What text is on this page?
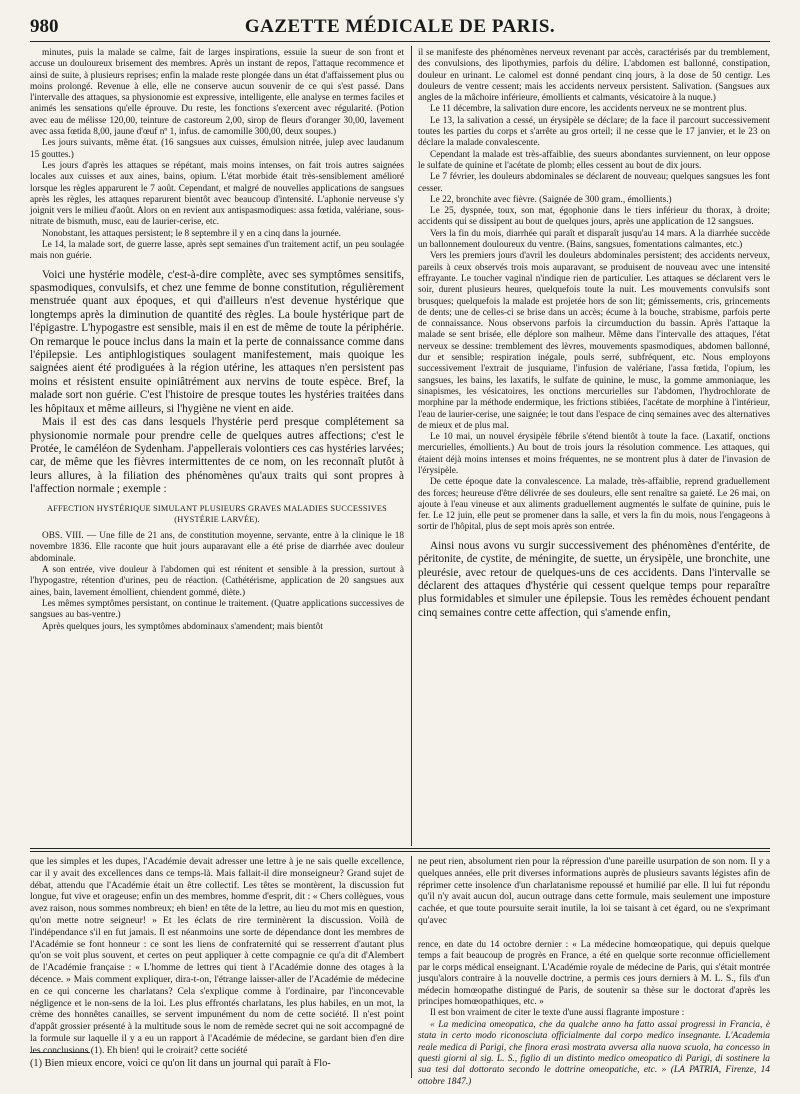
980	GAZETTE MÉDICALE DE PARIS.

minutes, puis la malade se calme, fait de larges inspirations, essuie la sueur de son front et accuse un douloureux brisement des membres. Après un instant de repos, l'attaque recommence et ainsi de suite, à plusieurs reprises; enfin la malade reste plongée dans un état d'affaissement plus ou moins prolongé. Revenue à elle, elle ne conserve aucun souvenir de ce qui s'est passé. Dans l'intervalle des attaques, sa physionomie est expressive, intelligente, elle analyse en termes faciles et animés les sensations qu'elle éprouve. Du reste, les fonctions s'exercent avec régularité. (Potion avec eau de mélisse 120,00, teinture de castoreum 2,00, sirop de fleurs d'oranger 30,00, lavement avec assa fœtida 8,00, jaune d'œuf nº 1, infus. de camomille 300,00, deux soupes.)

Les jours suivants, même état. (16 sangsues aux cuisses, émulsion nitrée, julep avec laudanum 15 gouttes.)

Les jours d'après les attaques se répétant, mais moins intenses, on fait trois autres saignées locales aux cuisses et aux aines, bains, opium. L'état morbide était très-sensiblement amélioré lorsque les règles apparurent le 7 août. Cependant, et malgré de nouvelles applications de sangsues après les règles, les attaques reparurent bientôt avec beaucoup d'intensité. L'aphonie nerveuse s'y joignit vers le milieu d'août. Alors on en revient aux antispasmodiques: assa fœtida, valériane, sous-nitrate de bismuth, musc, eau de laurier-cerise, etc.

Nonobstant, les attaques persistent; le 8 septembre il y en a cinq dans la journée.

Le 14, la malade sort, de guerre lasse, après sept semaines d'un traitement actif, un peu soulagée mais non guérie.

Voici une hystérie modèle, c'est-à-dire complète, avec ses symptômes sensitifs, spasmodiques, convulsifs, et chez une femme de bonne constitution, régulièrement menstruée quant aux époques, et qui d'ailleurs n'est devenue hystérique que longtemps après la diminution de quantité des règles. La boule hystérique part de l'épigastre. L'hypogastre est sensible, mais il en est de même de toute la périphérie. On remarque le pouce inclus dans la main et la perte de connaissance comme dans l'épilepsie. Les antiphlogistiques soulagent manifestement, mais quoique les saignées aient été prodiguées à la région utérine, les attaques n'en persistent pas moins et résistent ensuite opiniâtrément aux nervins de toute espèce. Bref, la malade sort non guérie. C'est l'histoire de presque toutes les hystéries traitées dans les hôpitaux et même ailleurs, si l'hygiène ne vient en aide.

Mais il est des cas dans lesquels l'hystérie perd presque complétement sa physionomie normale pour prendre celle de quelques autres affections; c'est le Protée, le caméléon de Sydenham. J'appellerais volontiers ces cas hystéries larvées; car, de même que les fièvres intermittentes de ce nom, on les reconnaît plutôt à leurs allures, à la filiation des phénomènes qu'aux traits qui sont propres à l'affection normale ; exemple :

AFFECTION HYSTÉRIQUE SIMULANT PLUSIEURS GRAVES MALADIES SUCCESSIVES

(HYSTÉRIE LARVÉE).

OBS. VIII. — Une fille de 21 ans, de constitution moyenne, servante, entre à la clinique le 18 novembre 1836. Elle raconte que huit jours auparavant elle a été prise de diarrhée avec douleur abdominale.

A son entrée, vive douleur à l'abdomen qui est rénitent et sensible à la pression, surtout à l'hypogastre, rétention d'urines, peu de réaction. (Cathétérisme, application de 20 sangsues aux aines, bain, lavement émollient, chiendent gommé, diète.)

Les mêmes symptômes persistant, on continue le traitement. (Quatre applications successives de sangsues au bas-ventre.)

Après quelques jours, les symptômes abdominaux s'amendent; mais bientôt

il se manifeste des phénomènes nerveux revenant par accès, caractérisés par du tremblement, des convulsions, des lipothymies, parfois du délire. L'abdomen est ballonné, constipation, douleur en urinant. Le calomel est donné pendant cinq jours, à la dose de 50 centigr. Les douleurs de ventre cessent; mais les accidents nerveux persistent. Salivation. (Sangsues aux angles de la mâchoire inférieure, émollients et calmants, vésicatoire à la nuque.)

Le 11 décembre, la salivation dure encore, les accidents nerveux ne se montrent plus.

Le 13, la salivation a cessé, un érysipèle se déclare; de la face il parcourt successivement toutes les parties du corps et s'arrête au gros orteil; il ne cesse que le 17 janvier, et le 23 on déclare la malade convalescente.

Cependant la malade est très-affaiblie, des sueurs abondantes surviennent, on leur oppose le sulfate de quinine et l'acétate de plomb; elles cessent au bout de dix jours.

Le 7 février, les douleurs abdominales se déclarent de nouveau; quelques sangsues les font cesser.

Le 22, bronchite avec fièvre. (Saignée de 300 gram., émollients.)

Le 25, dyspnée, toux, son mat, égophonie dans le tiers inférieur du thorax, à droite; accidents qui se dissipent au bout de quelques jours, après une application de 12 sangsues.

Vers la fin du mois, diarrhée qui paraît et disparaît jusqu'au 14 mars. A la diarrhée succède un ballonnement douloureux du ventre. (Bains, sangsues, fomentations calmantes, etc.)

Vers les premiers jours d'avril les douleurs abdominales persistent; des accidents nerveux, pareils à ceux observés trois mois auparavant, se produisent de nouveau avec une intensité effrayante. Le toucher vaginal n'indique rien de particulier. Les attaques se déclarent vers le soir, durent plusieurs heures, quelquefois toute la nuit. Les mouvements convulsifs sont brusques; quelquefois la malade est projetée hors de son lit; gémissements, cris, grincements de dents; une de celles-ci se brise dans un accès; écume à la bouche, strabisme, parfois perte de connaissance. Nous observons parfois la circumduction du bassin. Après l'attaque la malade se sent brisée, elle déplore son malheur. Même dans l'intervalle des attaques, l'état nerveux se dessine: tremblement des lèvres, mouvements spasmodiques, abdomen ballonné, dur et sensible; respiration inégale, pouls serré, subfréquent, etc. Nous employons successivement l'extrait de jusquiame, l'infusion de valériane, l'assa fœtida, l'opium, les sangsues, les bains, les laxatifs, le sulfate de quinine, le musc, la gomme ammoniaque, les sinapismes, les vésicatoires, les onctions mercurielles sur l'abdomen, l'hydrochlorate de morphine par la méthode endermique, les frictions stibiées, l'acétate de morphine à l'intérieur, l'eau de laurier-cerise, une saignée; le tout dans l'espace de cinq semaines avec des alternatives de mieux et de plus mal.

Le 10 mai, un nouvel érysipèle fébrile s'étend bientôt à toute la face. (Laxatif, onctions mercurielles, émollients.) Au bout de trois jours la résolution commence. Les attaques, qui étaient déjà moins intenses et moins fréquentes, ne se montrent plus à dater de l'invasion de l'érysipèle.

De cette époque date la convalescence. La malade, très-affaiblie, reprend graduellement des forces; heureuse d'être délivrée de ses douleurs, elle sent renaître sa gaieté. Le 26 mai, on ajoute à l'eau vineuse et aux aliments graduellement augmentés le sulfate de quinine, puis le fer. Le 12 juin, elle peut se promener dans la salle, et vers la fin du mois, nous l'engageons à sortir de l'hôpital, plus de sept mois après son entrée.

Ainsi nous avons vu surgir successivement des phénomènes d'entérite, de péritonite, de cystite, de méningite, de suette, un érysipèle, une bronchite, une pleurésie, avec retour de quelques-uns de ces accidents. Dans l'intervalle se déclarent des attaques d'hystérie qui cessent quelque temps pour reparaître plus formidables et simuler une épilepsie. Tous les remèdes échouent pendant cinq semaines contre cette affection, qui s'amende enfin,

que les simples et les dupes, l'Académie devait adresser une lettre à je ne sais quelle excellence, car il y avait des excellences dans ce temps-là. Mais fallait-il dire monseigneur? Grand sujet de débat, attendu que l'Académie était un être collectif. Les têtes se montèrent, la discussion fut longue, fut vive et orageuse; enfin un des membres, homme d'esprit, dit : « Chers collègues, vous avez raison, nous sommes nombreux; eh bien! en tête de la lettre, au lieu du mot mis en question, qu'on mette notre seigneur! » Et les éclats de rire terminèrent la discussion. Voilà de l'indépendance s'il en fut jamais. Il est néanmoins une sorte de dépendance dont les membres de l'Académie se font honneur : ce sont les liens de confraternité qui se resserrent d'autant plus qu'on se voit plus souvent, et certes on peut appliquer à cette compagnie ce qu'a dit d'Alembert de l'Académie française : « L'homme de lettres qui tient à l'Académie donne des otages à la décence. » Mais comment expliquer, dira-t-on, l'étrange laisser-aller de l'Académie de médecine en ce qui concerne les charlatans? Cela s'explique comme à l'ordinaire, par l'inconcevable négligence et le non-sens de la loi. Les plus effrontés charlatans, les plus habiles, en un mot, la crème des honnêtes canailles, se servent impunément du nom de cette société. Il n'est point d'appât grossier présenté à la multitude sous le nom de remède secret qui ne soit accompagné de la formule sur laquelle il y a eu un rapport à l'Académie de médecine, se gardant bien d'en dire les conclusions (1). Eh bien! qui le croirait? cette société

ne peut rien, absolument rien pour la répression d'une pareille usurpation de son nom. Il y a quelques années, elle prit diverses informations auprès de plusieurs savants légistes afin de réprimer cette insolence d'un charlatanisme repoussé et humilié par elle. Il lui fut répondu qu'il n'y avait aucun dol, aucun outrage dans cette formule, mais seulement une imposture cachée, et que toute poursuite serait inutile, la loi se taisant à cet égard, ou ne s'exprimant qu'avec

rence, en date du 14 octobre dernier : « La médecine homœopatique, qui depuis quelque temps a fait beaucoup de progrès en France, a été en quelque sorte reconnue officiellement par le corps médical enseignant. L'Académie royale de médecine de Paris, qui s'était montrée jusqu'alors contraire à la nouvelle doctrine, a permis ces jours derniers à M. L. S., fils d'un médecin homœopathe distingué de Paris, de soutenir sa thèse sur le doctorat d'après les principes homœopathiques, etc. »

Il est bon vraiment de citer le texte d'une aussi flagrante imposture :

« La medicina omeopatica, che da qualche anno ha fatto assai progressi in Francia, è stata in certo modo riconosciuta officialmente dal corpo medico insegnante. L'Academia reale medica di Parigi, che finora erasi mostrata avversa alla nuova scuola, ha concesso in questi giorni al sig. L. S., figlio di un distinto medico omeopatico di Parigi, di sostinere la sua tesi dal dottorato secondo le dottrine omeopatiche, etc. » (LA PATRIA, Firenze, 14 ottobre 1847.)

(1) Bien mieux encore, voici ce qu'on lit dans un journal qui paraît à Flo-
